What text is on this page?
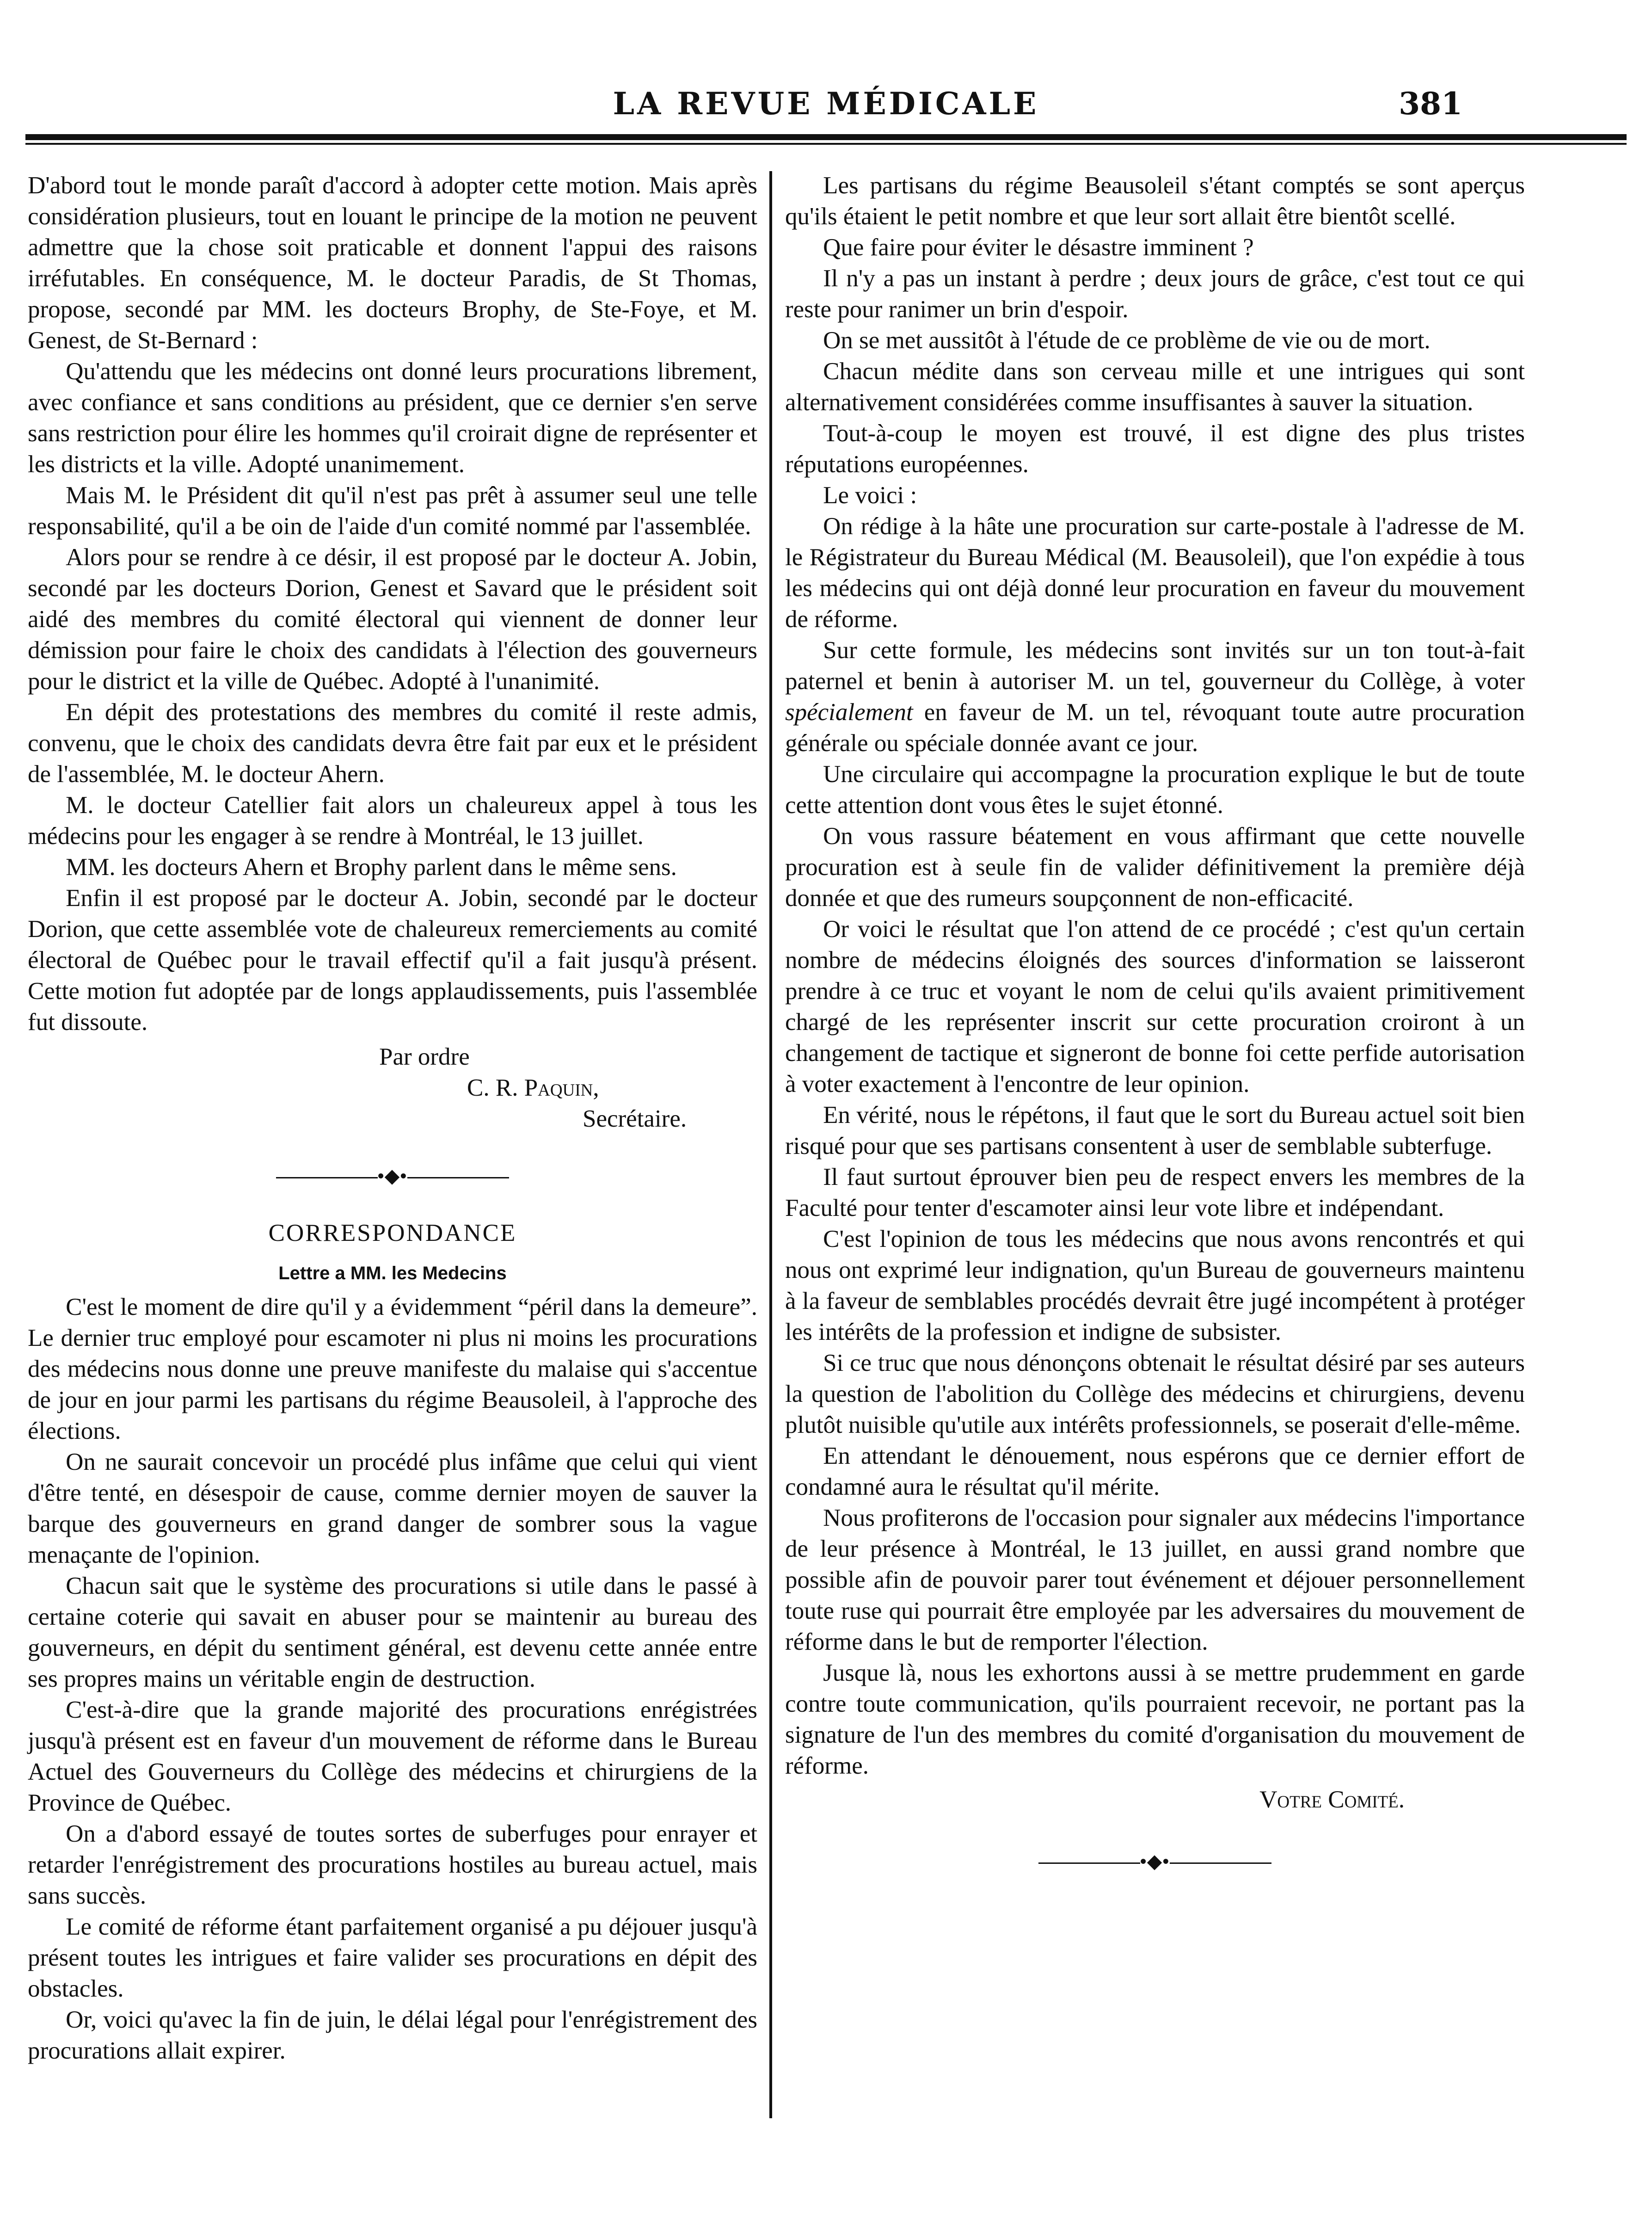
LA REVUE MÉDICALE	381

D'abord tout le monde paraît d'accord à adopter cette motion. Mais après considération plusieurs, tout en louant le principe de la motion ne peuvent admettre que la chose soit praticable et donnent l'appui des raisons irréfutables. En conséquence, M. le docteur Paradis, de St Thomas, propose, secondé par MM. les docteurs Brophy, de Ste-Foye, et M. Genest, de St-Bernard :

Qu'attendu que les médecins ont donné leurs procurations librement, avec confiance et sans conditions au président, que ce dernier s'en serve sans restriction pour élire les hommes qu'il croirait digne de représenter et les districts et la ville. Adopté unanimement.

Mais M. le Président dit qu'il n'est pas prêt à assumer seul une telle responsabilité, qu'il a be oin de l'aide d'un comité nommé par l'assemblée.

Alors pour se rendre à ce désir, il est proposé par le docteur A. Jobin, secondé par les docteurs Dorion, Genest et Savard que le président soit aidé des membres du comité électoral qui viennent de donner leur démission pour faire le choix des candidats à l'élection des gouverneurs pour le district et la ville de Québec. Adopté à l'unanimité.

En dépit des protestations des membres du comité il reste admis, convenu, que le choix des candidats devra être fait par eux et le président de l'assemblée, M. le docteur Ahern.

M. le docteur Catellier fait alors un chaleureux appel à tous les médecins pour les engager à se rendre à Montréal, le 13 juillet.

MM. les docteurs Ahern et Brophy parlent dans le même sens.

Enfin il est proposé par le docteur A. Jobin, secondé par le docteur Dorion, que cette assemblée vote de chaleureux remerciements au comité électoral de Québec pour le travail effectif qu'il a fait jusqu'à présent. Cette motion fut adoptée par de longs applaudissements, puis l'assemblée fut dissoute.

Par ordre
C. R. Paquin,
Secrétaire.
•◆•
CORRESPONDANCE
Lettre a MM. les Medecins

C'est le moment de dire qu'il y a évidemment “péril dans la demeure”. Le dernier truc employé pour escamoter ni plus ni moins les procurations des médecins nous donne une preuve manifeste du malaise qui s'accentue de jour en jour parmi les partisans du régime Beausoleil, à l'approche des élections.

On ne saurait concevoir un procédé plus infâme que celui qui vient d'être tenté, en désespoir de cause, comme dernier moyen de sauver la barque des gouverneurs en grand danger de sombrer sous la vague menaçante de l'opinion.

Chacun sait que le système des procurations si utile dans le passé à certaine coterie qui savait en abuser pour se maintenir au bureau des gouverneurs, en dépit du sentiment général, est devenu cette année entre ses propres mains un véritable engin de destruction.

C'est-à-dire que la grande majorité des procurations enrégistrées jusqu'à présent est en faveur d'un mouvement de réforme dans le Bureau Actuel des Gouverneurs du Collège des médecins et chirurgiens de la Province de Québec.

On a d'abord essayé de toutes sortes de suberfuges pour enrayer et retarder l'enrégistrement des procurations hostiles au bureau actuel, mais sans succès.

Le comité de réforme étant parfaitement organisé a pu déjouer jusqu'à présent toutes les intrigues et faire valider ses procurations en dépit des obstacles.

Or, voici qu'avec la fin de juin, le délai légal pour l'enrégistrement des procurations allait expirer.

Les partisans du régime Beausoleil s'étant comptés se sont aperçus qu'ils étaient le petit nombre et que leur sort allait être bientôt scellé.

Que faire pour éviter le désastre imminent ?

Il n'y a pas un instant à perdre ; deux jours de grâce, c'est tout ce qui reste pour ranimer un brin d'espoir.

On se met aussitôt à l'étude de ce problème de vie ou de mort.

Chacun médite dans son cerveau mille et une intrigues qui sont alternativement considérées comme insuffisantes à sauver la situation.

Tout-à-coup le moyen est trouvé, il est digne des plus tristes réputations européennes.

Le voici :

On rédige à la hâte une procuration sur carte-postale à l'adresse de M. le Régistrateur du Bureau Médical (M. Beausoleil), que l'on expédie à tous les médecins qui ont déjà donné leur procuration en faveur du mouvement de réforme.

Sur cette formule, les médecins sont invités sur un ton tout-à-fait paternel et benin à autoriser M. un tel, gouverneur du Collège, à voter spécialement en faveur de M. un tel, révoquant toute autre procuration générale ou spéciale donnée avant ce jour.

Une circulaire qui accompagne la procuration explique le but de toute cette attention dont vous êtes le sujet étonné.

On vous rassure béatement en vous affirmant que cette nouvelle procuration est à seule fin de valider définitivement la première déjà donnée et que des rumeurs soupçonnent de non-efficacité.

Or voici le résultat que l'on attend de ce procédé ; c'est qu'un certain nombre de médecins éloignés des sources d'information se laisseront prendre à ce truc et voyant le nom de celui qu'ils avaient primitivement chargé de les représenter inscrit sur cette procuration croiront à un changement de tactique et signeront de bonne foi cette perfide autorisation à voter exactement à l'encontre de leur opinion.

En vérité, nous le répétons, il faut que le sort du Bureau actuel soit bien risqué pour que ses partisans consentent à user de semblable subterfuge.

Il faut surtout éprouver bien peu de respect envers les membres de la Faculté pour tenter d'escamoter ainsi leur vote libre et indépendant.

C'est l'opinion de tous les médecins que nous avons rencontrés et qui nous ont exprimé leur indignation, qu'un Bureau de gouverneurs maintenu à la faveur de semblables procédés devrait être jugé incompétent à protéger les intérêts de la profession et indigne de subsister.

Si ce truc que nous dénonçons obtenait le résultat désiré par ses auteurs la question de l'abolition du Collège des médecins et chirurgiens, devenu plutôt nuisible qu'utile aux intérêts professionnels, se poserait d'elle-même.

En attendant le dénouement, nous espérons que ce dernier effort de condamné aura le résultat qu'il mérite.

Nous profiterons de l'occasion pour signaler aux médecins l'importance de leur présence à Montréal, le 13 juillet, en aussi grand nombre que possible afin de pouvoir parer tout événement et déjouer personnellement toute ruse qui pourrait être employée par les adversaires du mouvement de réforme dans le but de remporter l'élection.

Jusque là, nous les exhortons aussi à se mettre prudemment en garde contre toute communication, qu'ils pourraient recevoir, ne portant pas la signature de l'un des membres du comité d'organisation du mouvement de réforme.

Votre Comité.
•◆•
